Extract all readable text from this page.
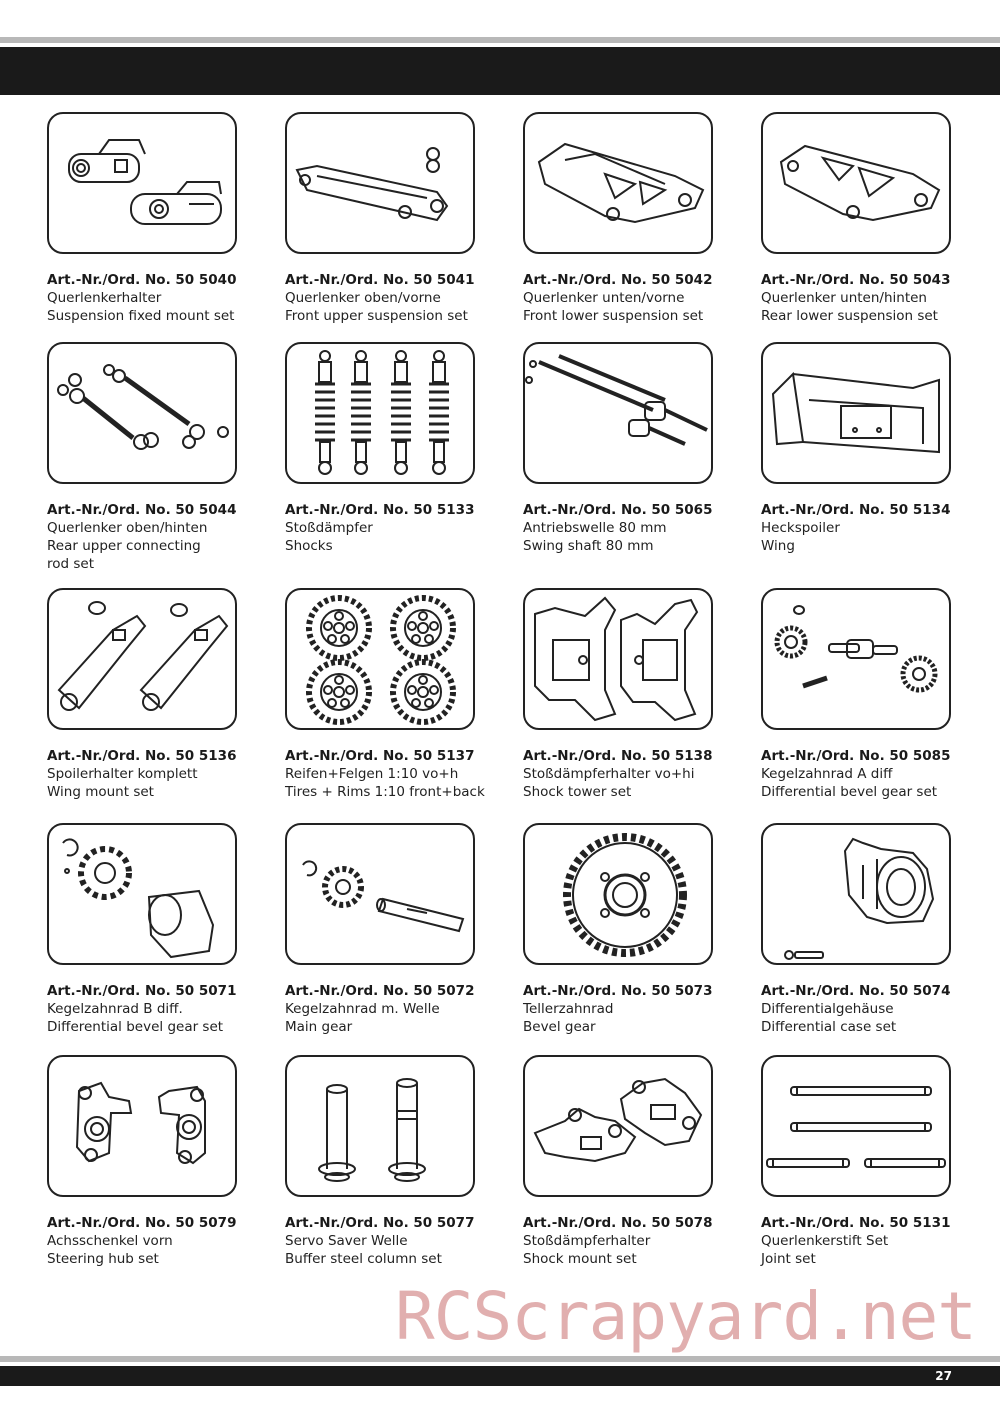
Art.-Nr./Ord. No. 50 5040
Querlenkerhalter
Suspension fixed mount set
Art.-Nr./Ord. No. 50 5041
Querlenker oben/vorne
Front upper suspension set
Art.-Nr./Ord. No. 50 5042
Querlenker unten/vorne
Front lower suspension set
Art.-Nr./Ord. No. 50 5043
Querlenker unten/hinten
Rear lower suspension set
Art.-Nr./Ord. No. 50 5044
Querlenker oben/hinten
Rear upper connecting
rod set
Art.-Nr./Ord. No. 50 5133
Stoßdämpfer
Shocks
Art.-Nr./Ord. No. 50 5065
Antriebswelle 80 mm
Swing shaft 80 mm
Art.-Nr./Ord. No. 50 5134
Heckspoiler
Wing
Art.-Nr./Ord. No. 50 5136
Spoilerhalter komplett
Wing mount set
Art.-Nr./Ord. No. 50 5137
Reifen+Felgen 1:10 vo+h
Tires + Rims 1:10 front+back
Art.-Nr./Ord. No. 50 5138
Stoßdämpferhalter vo+hi
Shock tower set
Art.-Nr./Ord. No. 50 5085
Kegelzahnrad A diff
Differential bevel gear set
Art.-Nr./Ord. No. 50 5071
Kegelzahnrad B diff.
Differential bevel gear set
Art.-Nr./Ord. No. 50 5072
Kegelzahnrad m. Welle
Main gear
Art.-Nr./Ord. No. 50 5073
Tellerzahnrad
Bevel gear
Art.-Nr./Ord. No. 50 5074
Differentialgehäuse
Differential case set
Art.-Nr./Ord. No. 50 5079
Achsschenkel vorn
Steering hub set
Art.-Nr./Ord. No. 50 5077
Servo Saver Welle
Buffer steel column set
Art.-Nr./Ord. No. 50 5078
Stoßdämpferhalter
Shock mount set
Art.-Nr./Ord. No. 50 5131
Querlenkerstift Set
Joint set
RCScrapyard.net
27
